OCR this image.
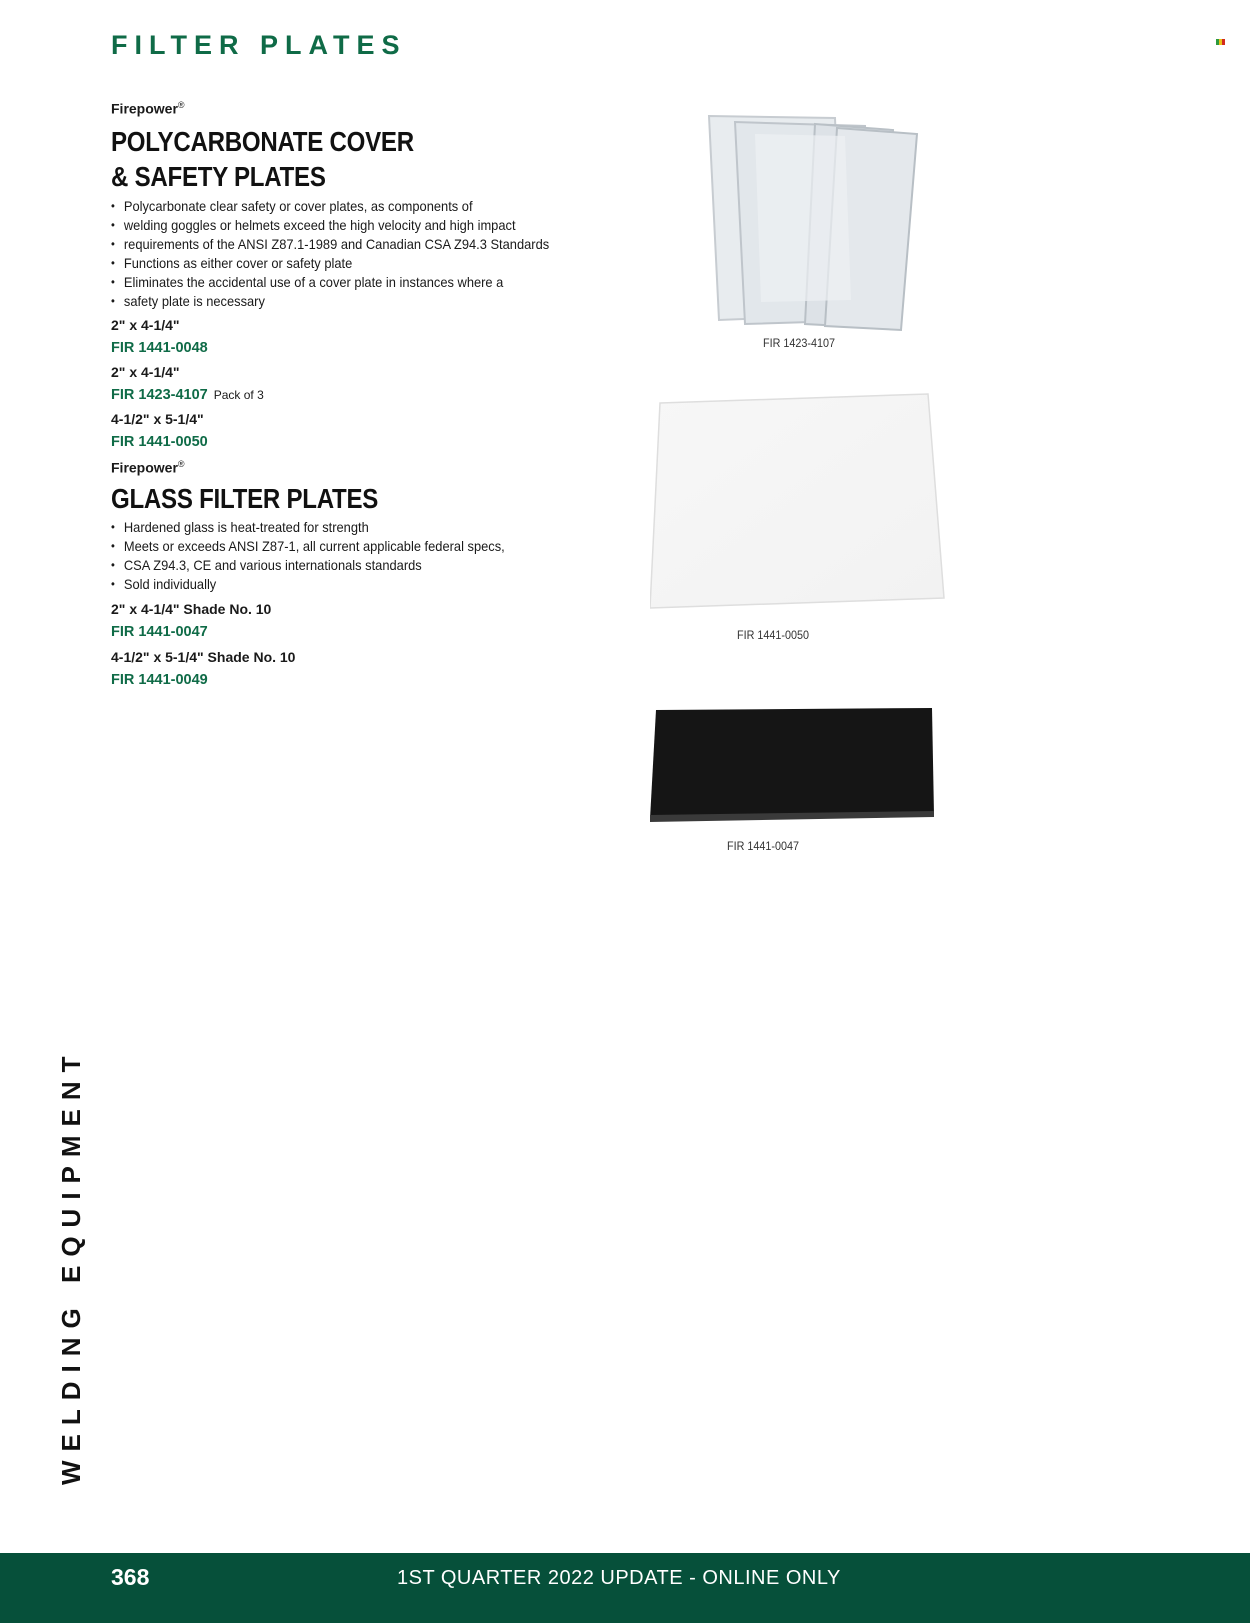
FILTER PLATES
Firepower®
POLYCARBONATE COVER
& SAFETY PLATES
• Polycarbonate clear safety or cover plates, as components of
• welding goggles or helmets exceed the high velocity and high impact
• requirements of the ANSI Z87.1-1989 and Canadian CSA Z94.3 Standards
• Functions as either cover or safety plate
• Eliminates the accidental use of a cover plate in instances where a
• safety plate is necessary
2" x 4-1/4"
FIR 1441-0048
2" x 4-1/4"
FIR 1423-4107 Pack of 3
4-1/2" x 5-1/4"
FIR 1441-0050
Firepower®
GLASS FILTER PLATES
• Hardened glass is heat-treated for strength
• Meets or exceeds ANSI Z87-1, all current applicable federal specs,
• CSA Z94.3, CE and various internationals standards
• Sold individually
2" x 4-1/4" Shade No. 10
FIR 1441-0047
4-1/2" x 5-1/4" Shade No. 10
FIR 1441-0049
FIR 1423-4107
FIR 1441-0050
FIR 1441-0047
WELDING EQUIPMENT
368	1ST QUARTER 2022 UPDATE - ONLINE ONLY
